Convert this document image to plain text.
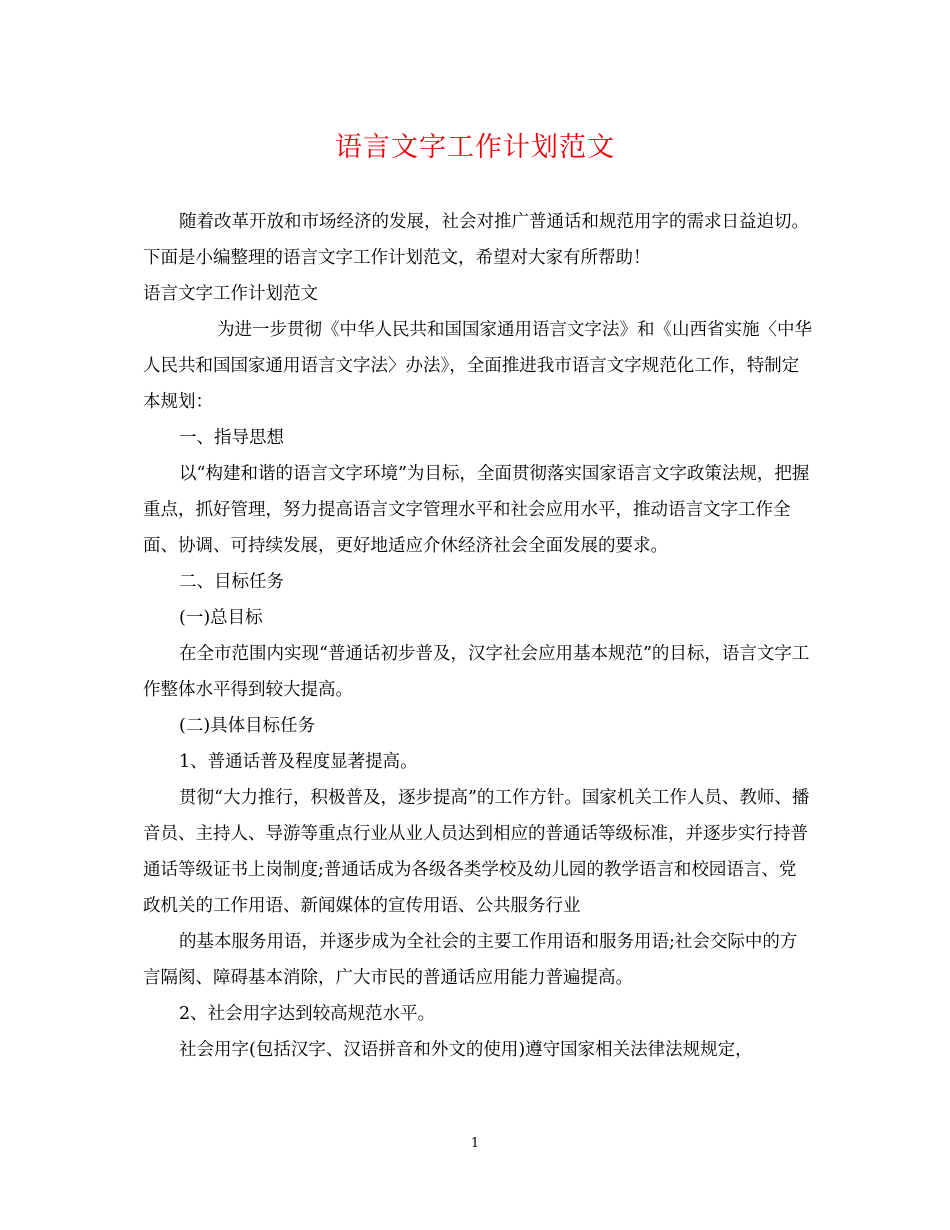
语言文字工作计划范文

随着改革开放和市场经济的发展，社会对推广普通话和规范用字的需求日益迫切。下面是小编整理的语言文字工作计划范文，希望对大家有所帮助！

语言文字工作计划范文

为进一步贯彻《中华人民共和国国家通用语言文字法》和《山西省实施〈中华人民共和国国家通用语言文字法〉办法》，全面推进我市语言文字规范化工作，特制定本规划：

一、指导思想

以“构建和谐的语言文字环境”为目标，全面贯彻落实国家语言文字政策法规，把握重点，抓好管理，努力提高语言文字管理水平和社会应用水平，推动语言文字工作全面、协调、可持续发展，更好地适应介休经济社会全面发展的要求。

二、目标任务

(一)总目标

在全市范围内实现“普通话初步普及，汉字社会应用基本规范”的目标，语言文字工作整体水平得到较大提高。

(二)具体目标任务

1、普通话普及程度显著提高。

贯彻“大力推行，积极普及，逐步提高”的工作方针。国家机关工作人员、教师、播音员、主持人、导游等重点行业从业人员达到相应的普通话等级标准，并逐步实行持普通话等级证书上岗制度;普通话成为各级各类学校及幼儿园的教学语言和校园语言、党政机关的工作用语、新闻媒体的宣传用语、公共服务行业

的基本服务用语，并逐步成为全社会的主要工作用语和服务用语;社会交际中的方言隔阂、障碍基本消除，广大市民的普通话应用能力普遍提高。

2、社会用字达到较高规范水平。

社会用字(包括汉字、汉语拼音和外文的使用)遵守国家相关法律法规规定，

1
